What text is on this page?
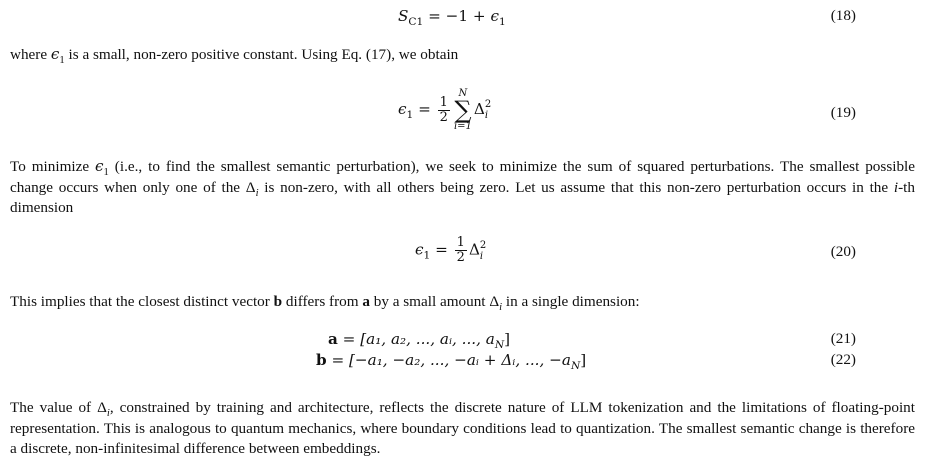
$S_{C1} = -1 + \epsilon_1$	(18)
where $\epsilon_1$ is a small, non-zero positive constant. Using Eq. (17), we obtain
$\epsilon_1 = \frac{1}{2}$
N
∑
i=1
Δ 2
i	(19)
To minimize $\epsilon_1$ (i.e., to find the smallest semantic perturbation), we seek to minimize the sum of squared perturbations. The smallest possible change occurs when only one of the $\Delta_i$ is non-zero, with all others being zero. Let us assume that this non-zero perturbation occurs in the i-th dimension
$\epsilon_1 = \frac{1}{2}$ Δ 2
i	(20)
This implies that the closest distinct vector b differs from a by a small amount $\Delta_i$ in a single dimension:
a = [a₁, a₂, ..., aᵢ, ..., $a_N$]	(21)
b = [−a₁, −a₂, ..., −aᵢ + Δᵢ, ..., $-a_N$]	(22)
The value of $\Delta_i$, constrained by training and architecture, reflects the discrete nature of LLM tokenization and the limitations of floating-point representation. This is analogous to quantum mechanics, where boundary conditions lead to quantization. The smallest semantic change is therefore a discrete, non-infinitesimal difference between embeddings.
